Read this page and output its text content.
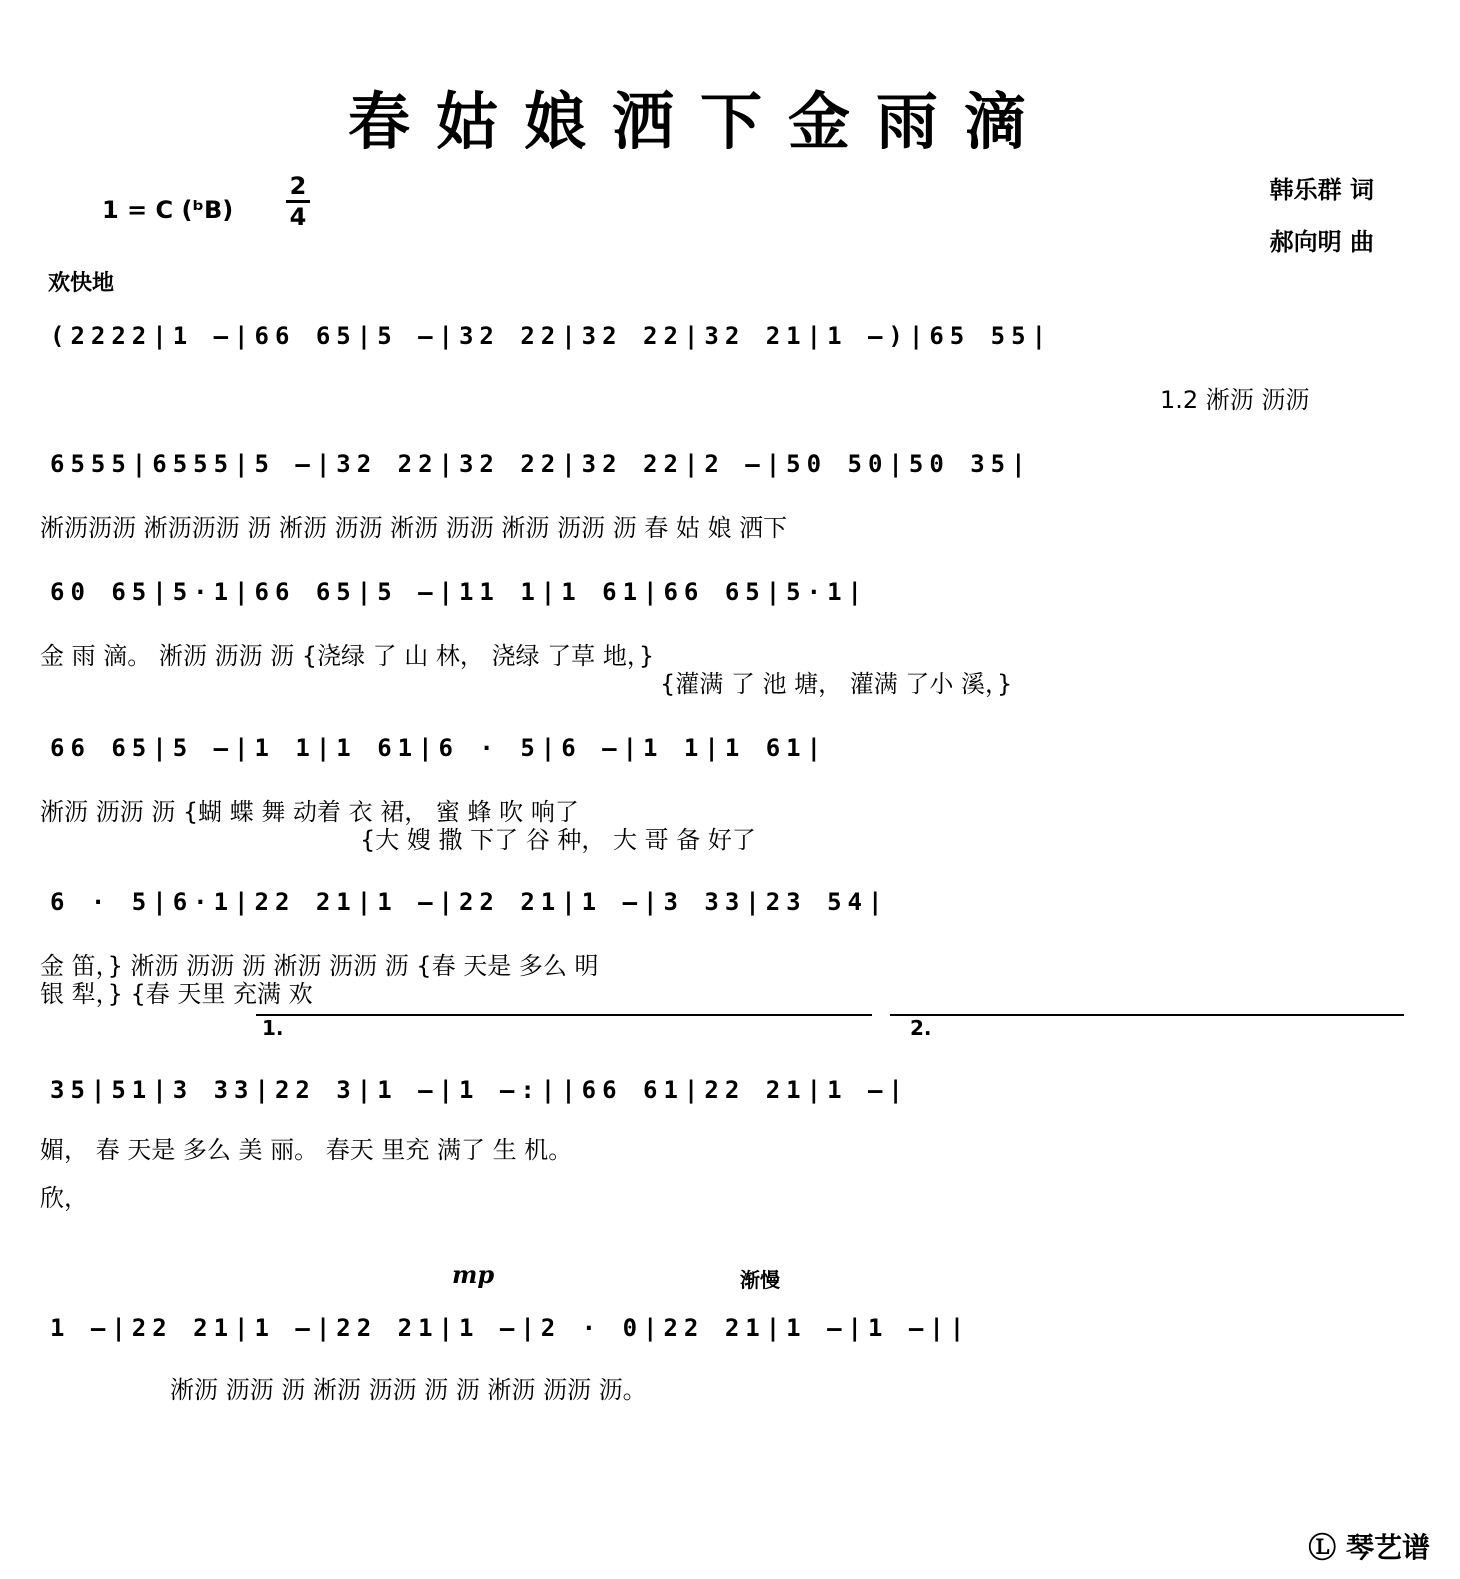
春姑娘洒下金雨滴
1 = C (ᵇB)
2
4
韩乐群 词
郝向明 曲
欢快地
(2222|1 —|66 65|5 —|32 22|32 22|32 21|1 —)|65 55|
1.2 淅沥 沥沥
6555|6555|5 —|32 22|32 22|32 22|2 —|50 50|50 35|
淅沥沥沥 淅沥沥沥 沥 淅沥 沥沥 淅沥 沥沥 淅沥 沥沥 沥 春 姑 娘 洒下
60 65|5·1|66 65|5 —|11 1|1 61|66 65|5·1|
金 雨 滴。 淅沥 沥沥 沥 {浇绿 了 山 林， 浇绿 了草 地，}
{灌满 了 池 塘， 灌满 了小 溪，}
66 65|5 —|1 1|1 61|6 · 5|6 —|1 1|1 61|
淅沥 沥沥 沥 {蝴 蝶 舞 动着 衣 裙， 蜜 蜂 吹 响了
{大 嫂 撒 下了 谷 种， 大 哥 备 好了
6 · 5|6·1|22 21|1 —|22 21|1 —|3 33|23 54|
金 笛，} 淅沥 沥沥 沥 淅沥 沥沥 沥 {春 天是 多么 明
银 犁，} {春 天里 充满 欢
1.	2.
35|51|3 33|22 3|1 —|1 —:||66 61|22 21|1 —|
媚， 春 天是 多么 美 丽。 春天 里充 满了 生 机。
欣，
mp	渐慢
1 —|22 21|1 —|22 21|1 —|2 · 0|22 21|1 —|1 —||
淅沥 沥沥 沥 淅沥 沥沥 沥 沥 淅沥 沥沥 沥。
Ⓛ 琴艺谱
